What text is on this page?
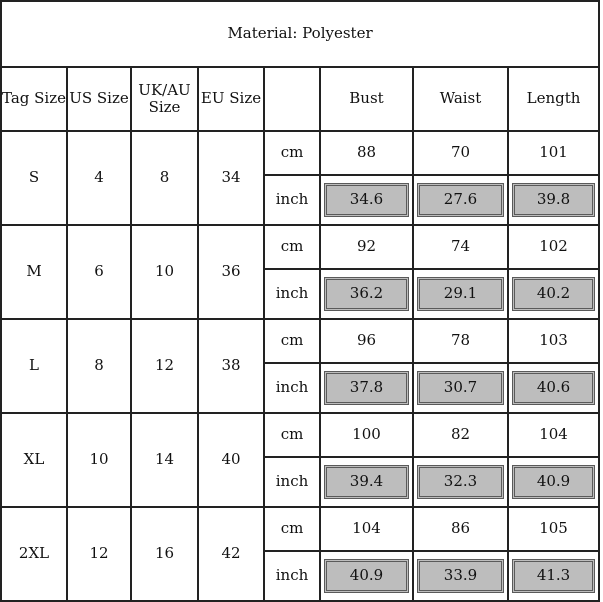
Material: Polyester							
Tag Size	US Size	UK/AU Size	EU Size		Bust	Waist	Length
S	4	8	34	cm	88	70	101
				inch	34.6	27.6	39.8

M	6	10	36	cm	92	74	102
				inch	36.2	29.1	40.2

L	8	12	38	cm	96	78	103
				inch	37.8	30.7	40.6

XL	10	14	40	cm	100	82	104
				inch	39.4	32.3	40.9

2XL	12	16	42	cm	104	86	105
				inch	40.9	33.9	41.3
